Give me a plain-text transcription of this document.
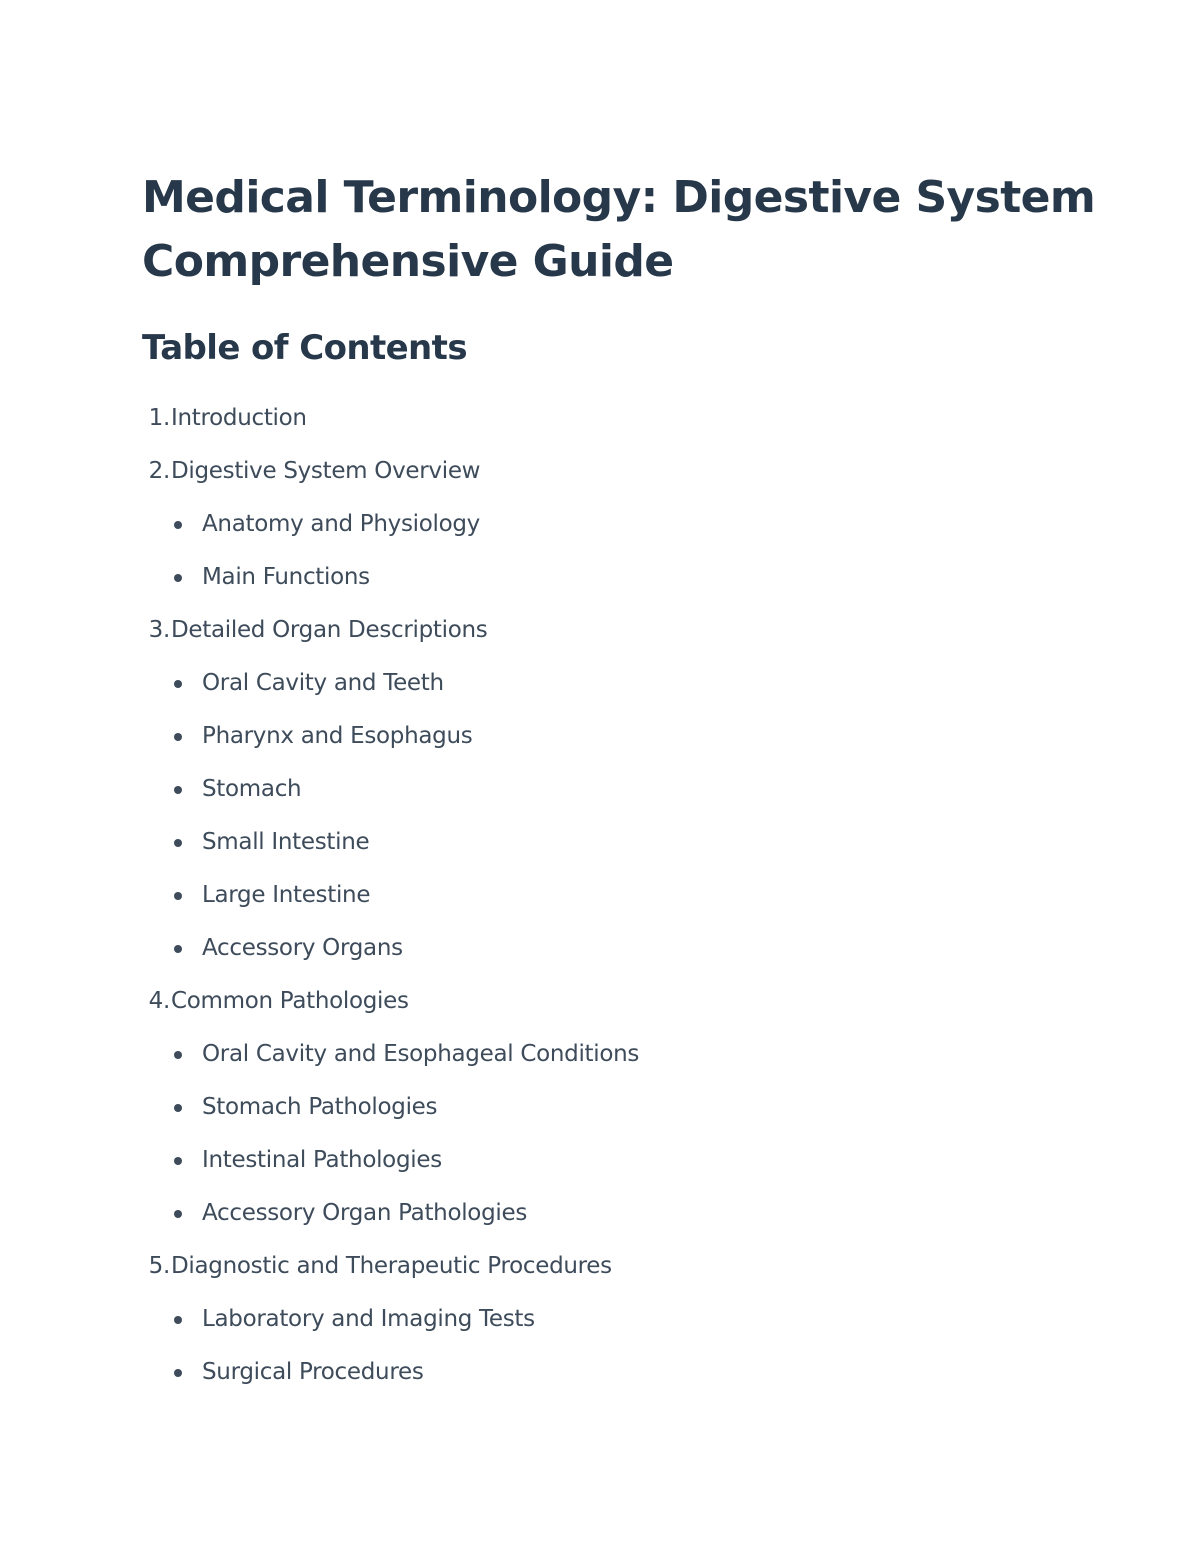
Medical Terminology: Digestive System
Comprehensive Guide
Table of Contents
1. Introduction
2. Digestive System Overview
Anatomy and Physiology
Main Functions
3. Detailed Organ Descriptions
Oral Cavity and Teeth
Pharynx and Esophagus
Stomach
Small Intestine
Large Intestine
Accessory Organs
4. Common Pathologies
Oral Cavity and Esophageal Conditions
Stomach Pathologies
Intestinal Pathologies
Accessory Organ Pathologies
5. Diagnostic and Therapeutic Procedures
Laboratory and Imaging Tests
Surgical Procedures
